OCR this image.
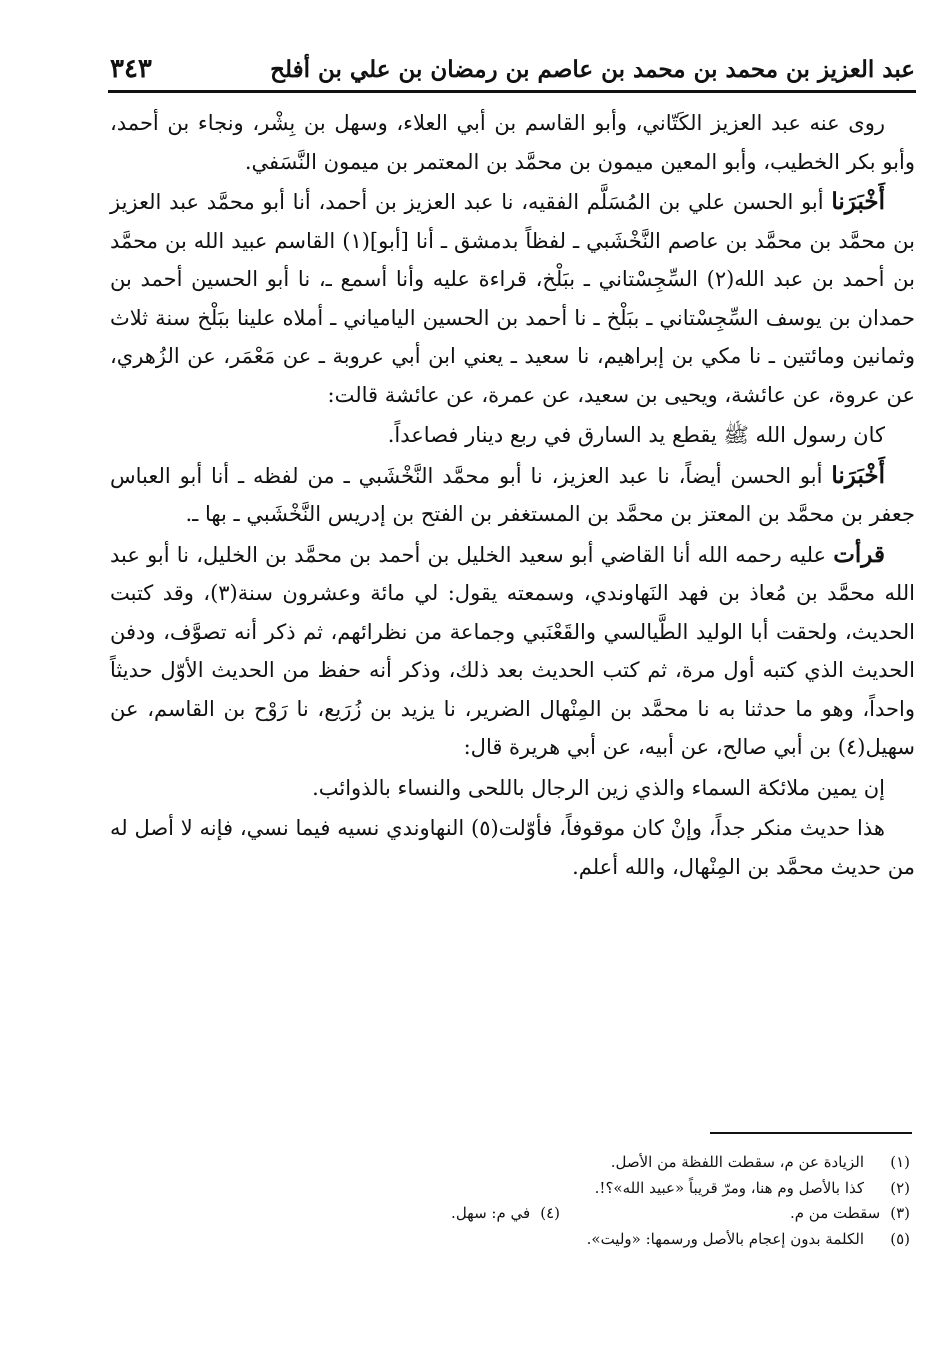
عبد العزيز بن محمد بن محمد بن عاصم بن رمضان بن علي بن أفلح
٣٤٣

روى عنه عبد العزيز الكَتّاني، وأبو القاسم بن أبي العلاء، وسهل بن بِشْر، ونجاء بن أحمد، وأبو بكر الخطيب، وأبو المعين ميمون بن محمَّد بن المعتمر بن ميمون النَّسَفي.

أَخْبَرَنا أبو الحسن علي بن المُسَلَّم الفقيه، نا عبد العزيز بن أحمد، أنا أبو محمَّد عبد العزيز بن محمَّد بن محمَّد بن عاصم النَّخْشَبي ـ لفظاً بدمشق ـ أنا [أبو](١) القاسم عبيد الله بن محمَّد بن أحمد بن عبد الله(٢) السِّجِسْتاني ـ ببَلْخ، قراءة عليه وأنا أسمع ـ، نا أبو الحسين أحمد بن حمدان بن يوسف السِّجِسْتاني ـ ببَلْخ ـ نا أحمد بن الحسين اليامياني ـ أملاه علينا ببَلْخ سنة ثلاث وثمانين ومائتين ـ نا مكي بن إبراهيم، نا سعيد ـ يعني ابن أبي عروبة ـ عن مَعْمَر، عن الزُهري، عن عروة، عن عائشة، ويحيى بن سعيد، عن عمرة، عن عائشة قالت:

كان رسول الله ﷺ يقطع يد السارق في ربع دينار فصاعداً.

أَخْبَرَنا أبو الحسن أيضاً، نا عبد العزيز، نا أبو محمَّد النَّخْشَبي ـ من لفظه ـ أنا أبو العباس جعفر بن محمَّد بن المعتز بن محمَّد بن المستغفر بن الفتح بن إدريس النَّخْشَبي ـ بها ـ.

قرأت عليه رحمه الله أنا القاضي أبو سعيد الخليل بن أحمد بن محمَّد بن الخليل، نا أبو عبد الله محمَّد بن مُعاذ بن فهد النَهاوندي، وسمعته يقول: لي مائة وعشرون سنة(٣)، وقد كتبت الحديث، ولحقت أبا الوليد الطَّيالسي والقَعْنَبي وجماعة من نظرائهم، ثم ذكر أنه تصوَّف، ودفن الحديث الذي كتبه أول مرة، ثم كتب الحديث بعد ذلك، وذكر أنه حفظ من الحديث الأوّل حديثاً واحداً، وهو ما حدثنا به نا محمَّد بن المِنْهال الضرير، نا يزيد بن زُرَيع، نا رَوْح بن القاسم، عن سهيل(٤) بن أبي صالح، عن أبيه، عن أبي هريرة قال:

إن يمين ملائكة السماء والذي زين الرجال باللحى والنساء بالذوائب.

هذا حديث منكر جداً، وإنْ كان موقوفاً، فأوّلت(٥) النهاوندي نسيه فيما نسي، فإنه لا أصل له من حديث محمَّد بن المِنْهال، والله أعلم.

(١)
الزيادة عن م، سقطت اللفظة من الأصل.
(٢)
كذا بالأصل وم هنا، ومرّ قريباً «عبيد الله»؟!.
(٣)
سقطت من م.
(٤)
في م: سهل.
(٥)
الكلمة بدون إعجام بالأصل ورسمها: «وليت».
